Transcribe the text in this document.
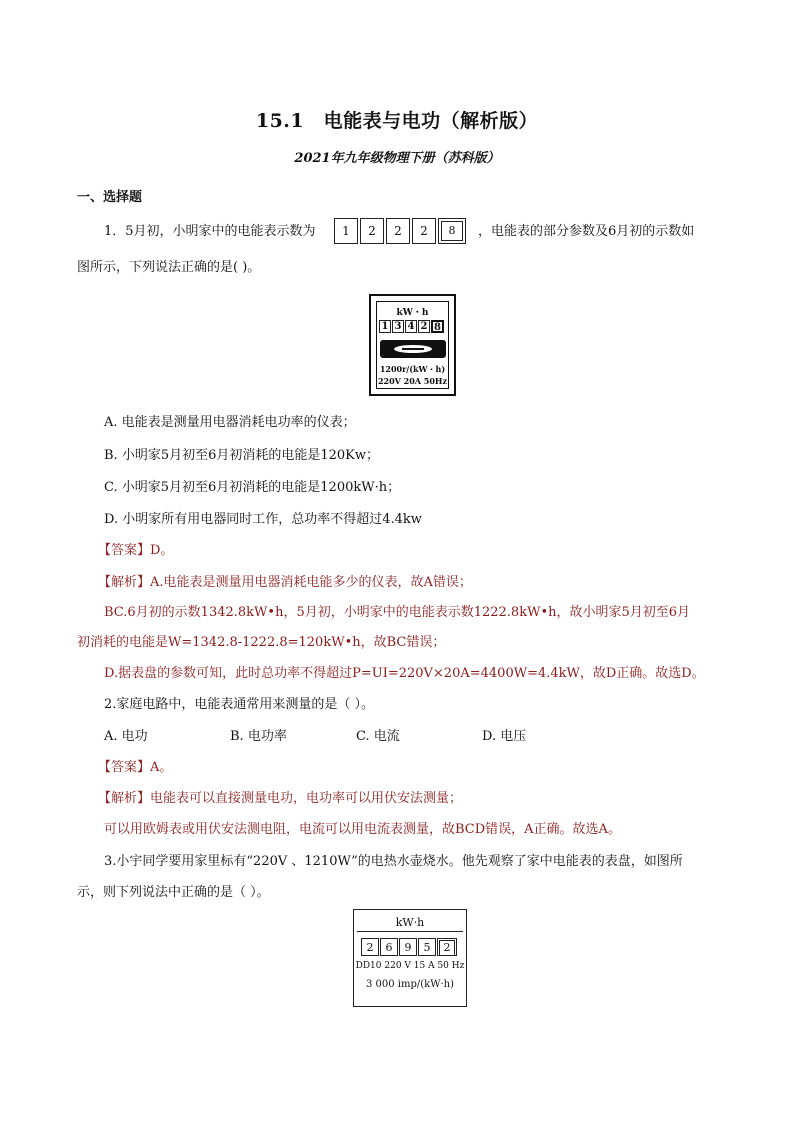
15.1　电能表与电功（解析版）
2021年九年级物理下册（苏科版）
一、选择题
1．5月初，小明家中的电能表示数为	1	2	2	2	8	，电能表的部分参数及6月初的示数如
图所示，下列说法正确的是( )。
kW・h
1 3 4 2 8
1200r/(kW・h)
220V 20A 50Hz
A. 电能表是测量用电器消耗电功率的仪表；
B. 小明家5月初至6月初消耗的电能是120Kw；
C. 小明家5月初至6月初消耗的电能是1200kW·h；
D. 小明家所有用电器同时工作，总功率不得超过4.4kw
【答案】D。
【解析】A.电能表是测量用电器消耗电能多少的仪表，故A错误；
BC.6月初的示数1342.8kW•h，5月初，小明家中的电能表示数1222.8kW•h，故小明家5月初至6月
初消耗的电能是W=1342.8-1222.8=120kW•h，故BC错误；
D.据表盘的参数可知，此时总功率不得超过P=UI=220V×20A=4400W=4.4kW，故D正确。故选D。
2.家庭电路中，电能表通常用来测量的是（ ）。
A. 电功	B. 电功率	C. 电流	D. 电压
【答案】A。
【解析】电能表可以直接测量电功，电功率可以用伏安法测量；
可以用欧姆表或用伏安法测电阻，电流可以用电流表测量，故BCD错误，A正确。故选A。
3.小宇同学要用家里标有“220V 、1210W”的电热水壶烧水。他先观察了家中电能表的表盘，如图所
示，则下列说法中正确的是（ ）。
kW·h
2	6	9	5	2
DD10 220 V 15 A 50 Hz
3 000 imp/(kW·h)
